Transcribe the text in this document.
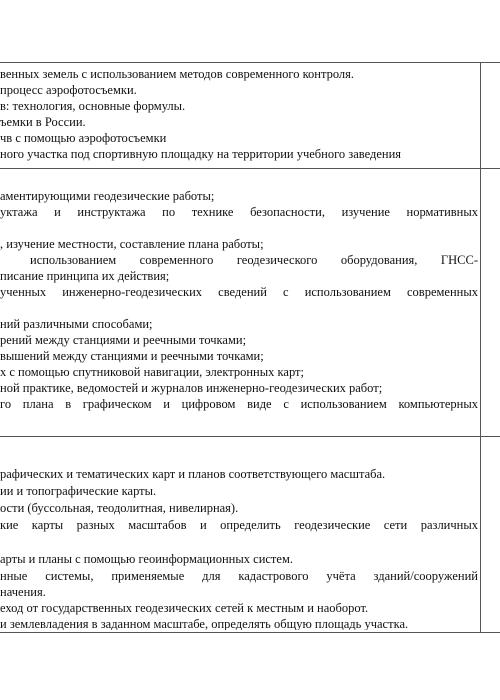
венных земель с использованием методов современного контроля.
процесс аэрофотосъемки.
в: технология, основные формулы.
ъемки в России.
чв с помощью аэрофотосъемки
ного участка под спортивную площадку на территории учебного заведения
аментирующими геодезические работы;
уктажа и инструктажа по технике безопасности, изучение нормативных
, изучение местности, составление плана работы;
использованием современного геодезического оборудования, ГНСС-
писание принципа их действия;
ученных инженерно-геодезических сведений с использованием современных
ний различными способами;
рений между станциями и реечными точками;
вышений между станциями и реечными точками;
х с помощью спутниковой навигации, электронных карт;
ной практике, ведомостей и журналов инженерно-геодезических работ;
го плана в графическом и цифровом виде с использованием компьютерных
рафических и тематических карт и планов соответствующего масштаба.
ии и топографические карты.
ости (буссольная, теодолитная, нивелирная).
кие карты разных масштабов и определить геодезические сети различных
арты и планы с помощью геоинформационных систем.
нные системы, применяемые для кадастрового учёта зданий/сооружений
начения.
еход от государственных геодезических сетей к местным и наоборот.
и землевладения в заданном масштабе, определять общую площадь участка.
